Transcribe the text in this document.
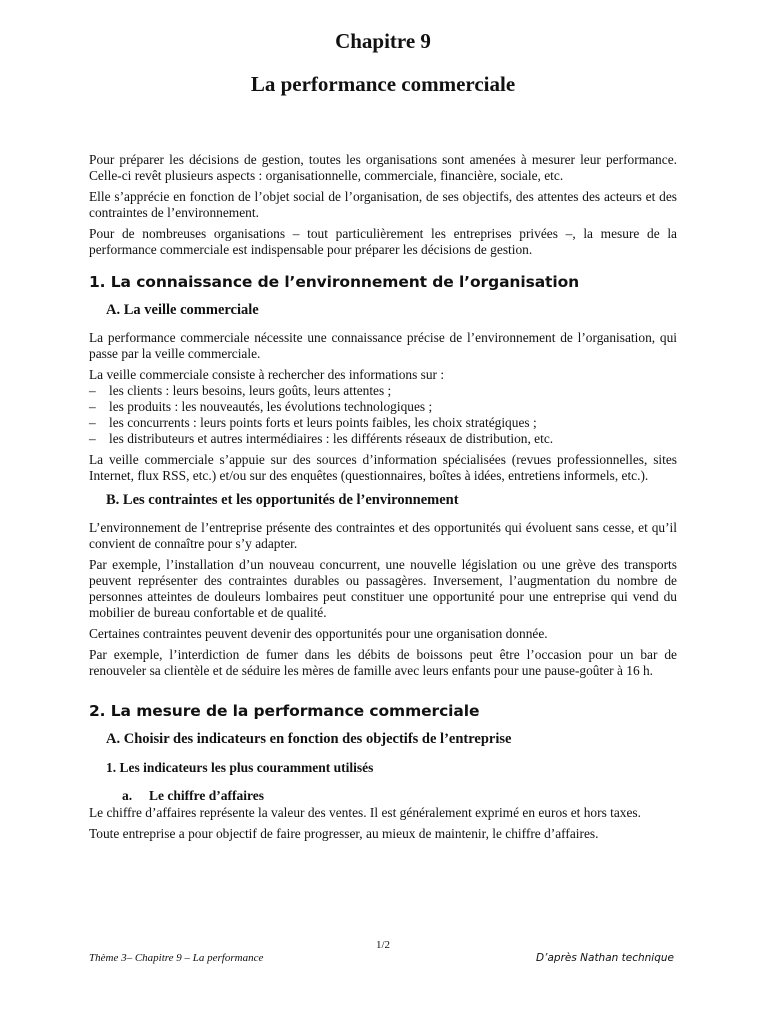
Chapitre 9
La performance commerciale

Pour préparer les décisions de gestion, toutes les organisations sont amenées à mesurer leur performance. Celle-ci revêt plusieurs aspects : organisationnelle, commerciale, financière, sociale, etc.

Elle s’apprécie en fonction de l’objet social de l’organisation, de ses objectifs, des attentes des acteurs et des contraintes de l’environnement.

Pour de nombreuses organisations – tout particulièrement les entreprises privées –, la mesure de la performance commerciale est indispensable pour préparer les décisions de gestion.

1. La connaissance de l’environnement de l’organisation
A. La veille commerciale

La performance commerciale nécessite une connaissance précise de l’environnement de l’organisation, qui passe par la veille commerciale.

La veille commerciale consiste à rechercher des informations sur :

– les clients : leurs besoins, leurs goûts, leurs attentes ;
– les produits : les nouveautés, les évolutions technologiques ;
– les concurrents : leurs points forts et leurs points faibles, les choix stratégiques ;
– les distributeurs et autres intermédiaires : les différents réseaux de distribution, etc.

La veille commerciale s’appuie sur des sources d’information spécialisées (revues professionnelles, sites Internet, flux RSS, etc.) et/ou sur des enquêtes (questionnaires, boîtes à idées, entretiens informels, etc.).

B. Les contraintes et les opportunités de l’environnement

L’environnement de l’entreprise présente des contraintes et des opportunités qui évoluent sans cesse, et qu’il convient de connaître pour s’y adapter.

Par exemple, l’installation d’un nouveau concurrent, une nouvelle législation ou une grève des transports peuvent représenter des contraintes durables ou passagères. Inversement, l’augmentation du nombre de personnes atteintes de douleurs lombaires peut constituer une opportunité pour une entreprise qui vend du mobilier de bureau confortable et de qualité.

Certaines contraintes peuvent devenir des opportunités pour une organisation donnée.

Par exemple, l’interdiction de fumer dans les débits de boissons peut être l’occasion pour un bar de renouveler sa clientèle et de séduire les mères de famille avec leurs enfants pour une pause-goûter à 16 h.

2. La mesure de la performance commerciale
A. Choisir des indicateurs en fonction des objectifs de l’entreprise
1. Les indicateurs les plus couramment utilisés
a. Le chiffre d’affaires

Le chiffre d’affaires représente la valeur des ventes. Il est généralement exprimé en euros et hors taxes.

Toute entreprise a pour objectif de faire progresser, au mieux de maintenir, le chiffre d’affaires.

1/2
Thème 3– Chapitre 9 – La performance	D’après Nathan technique
